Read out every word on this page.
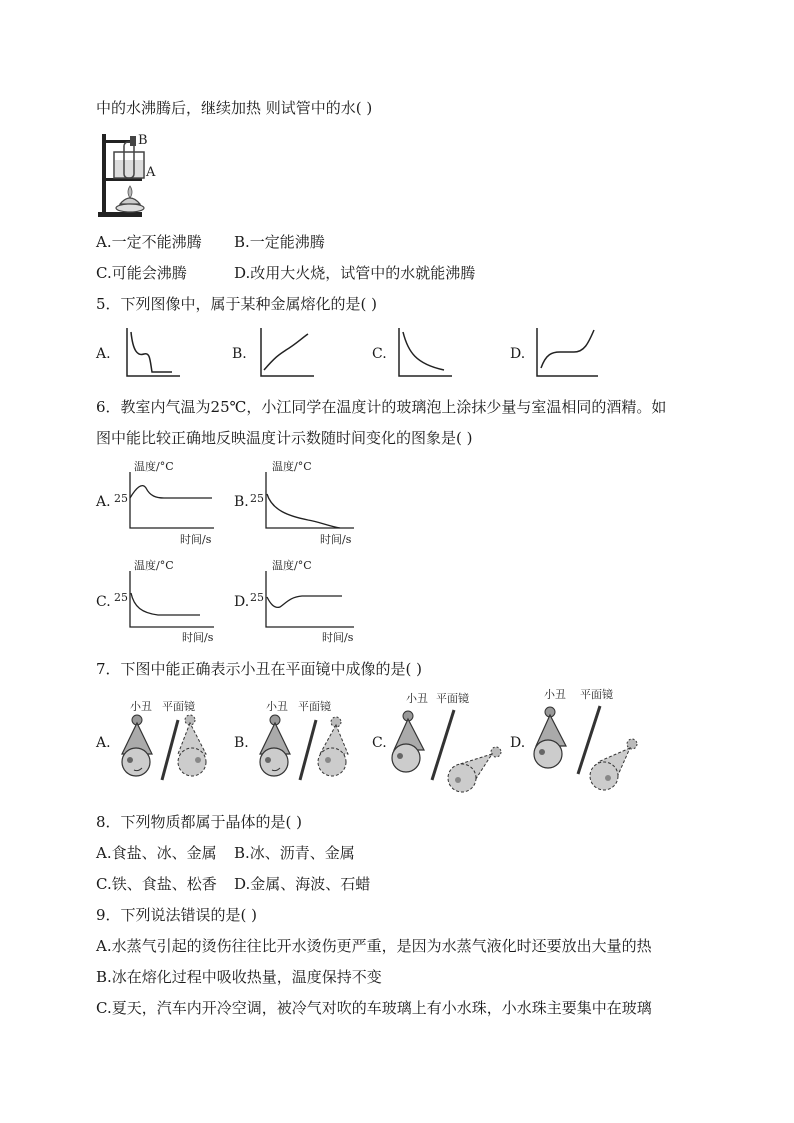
中的水沸腾后，继续加热 则试管中的水( )
B
A
A.一定不能沸腾 B.一定能沸腾
C.可能会沸腾	D.改用大火烧，试管中的水就能沸腾
5．下列图像中，属于某种金属熔化的是( )
A.	B.	C.	D.
6．教室内气温为25℃，小江同学在温度计的玻璃泡上涂抹少量与室温相同的酒精。如
图中能比较正确地反映温度计示数随时间变化的图象是( )
A.
温度/°C
25
时间/s
B.
温度/°C
25
时间/s
C.
温度/°C
25
时间/s
D.
温度/°C
25
时间/s
7．下图中能正确表示小丑在平面镜中成像的是( )
A.
小丑 平面镜
B.
小丑 平面镜
C.
小丑 平面镜
D.
小丑 平面镜
8．下列物质都属于晶体的是( )
A.食盐、冰、金属 B.冰、沥青、金属
C.铁、食盐、松香 D.金属、海波、石蜡
9．下列说法错误的是( )
A.水蒸气引起的烫伤往往比开水烫伤更严重，是因为水蒸气液化时还要放出大量的热
B.冰在熔化过程中吸收热量，温度保持不变
C.夏天，汽车内开冷空调，被冷气对吹的车玻璃上有小水珠，小水珠主要集中在玻璃
